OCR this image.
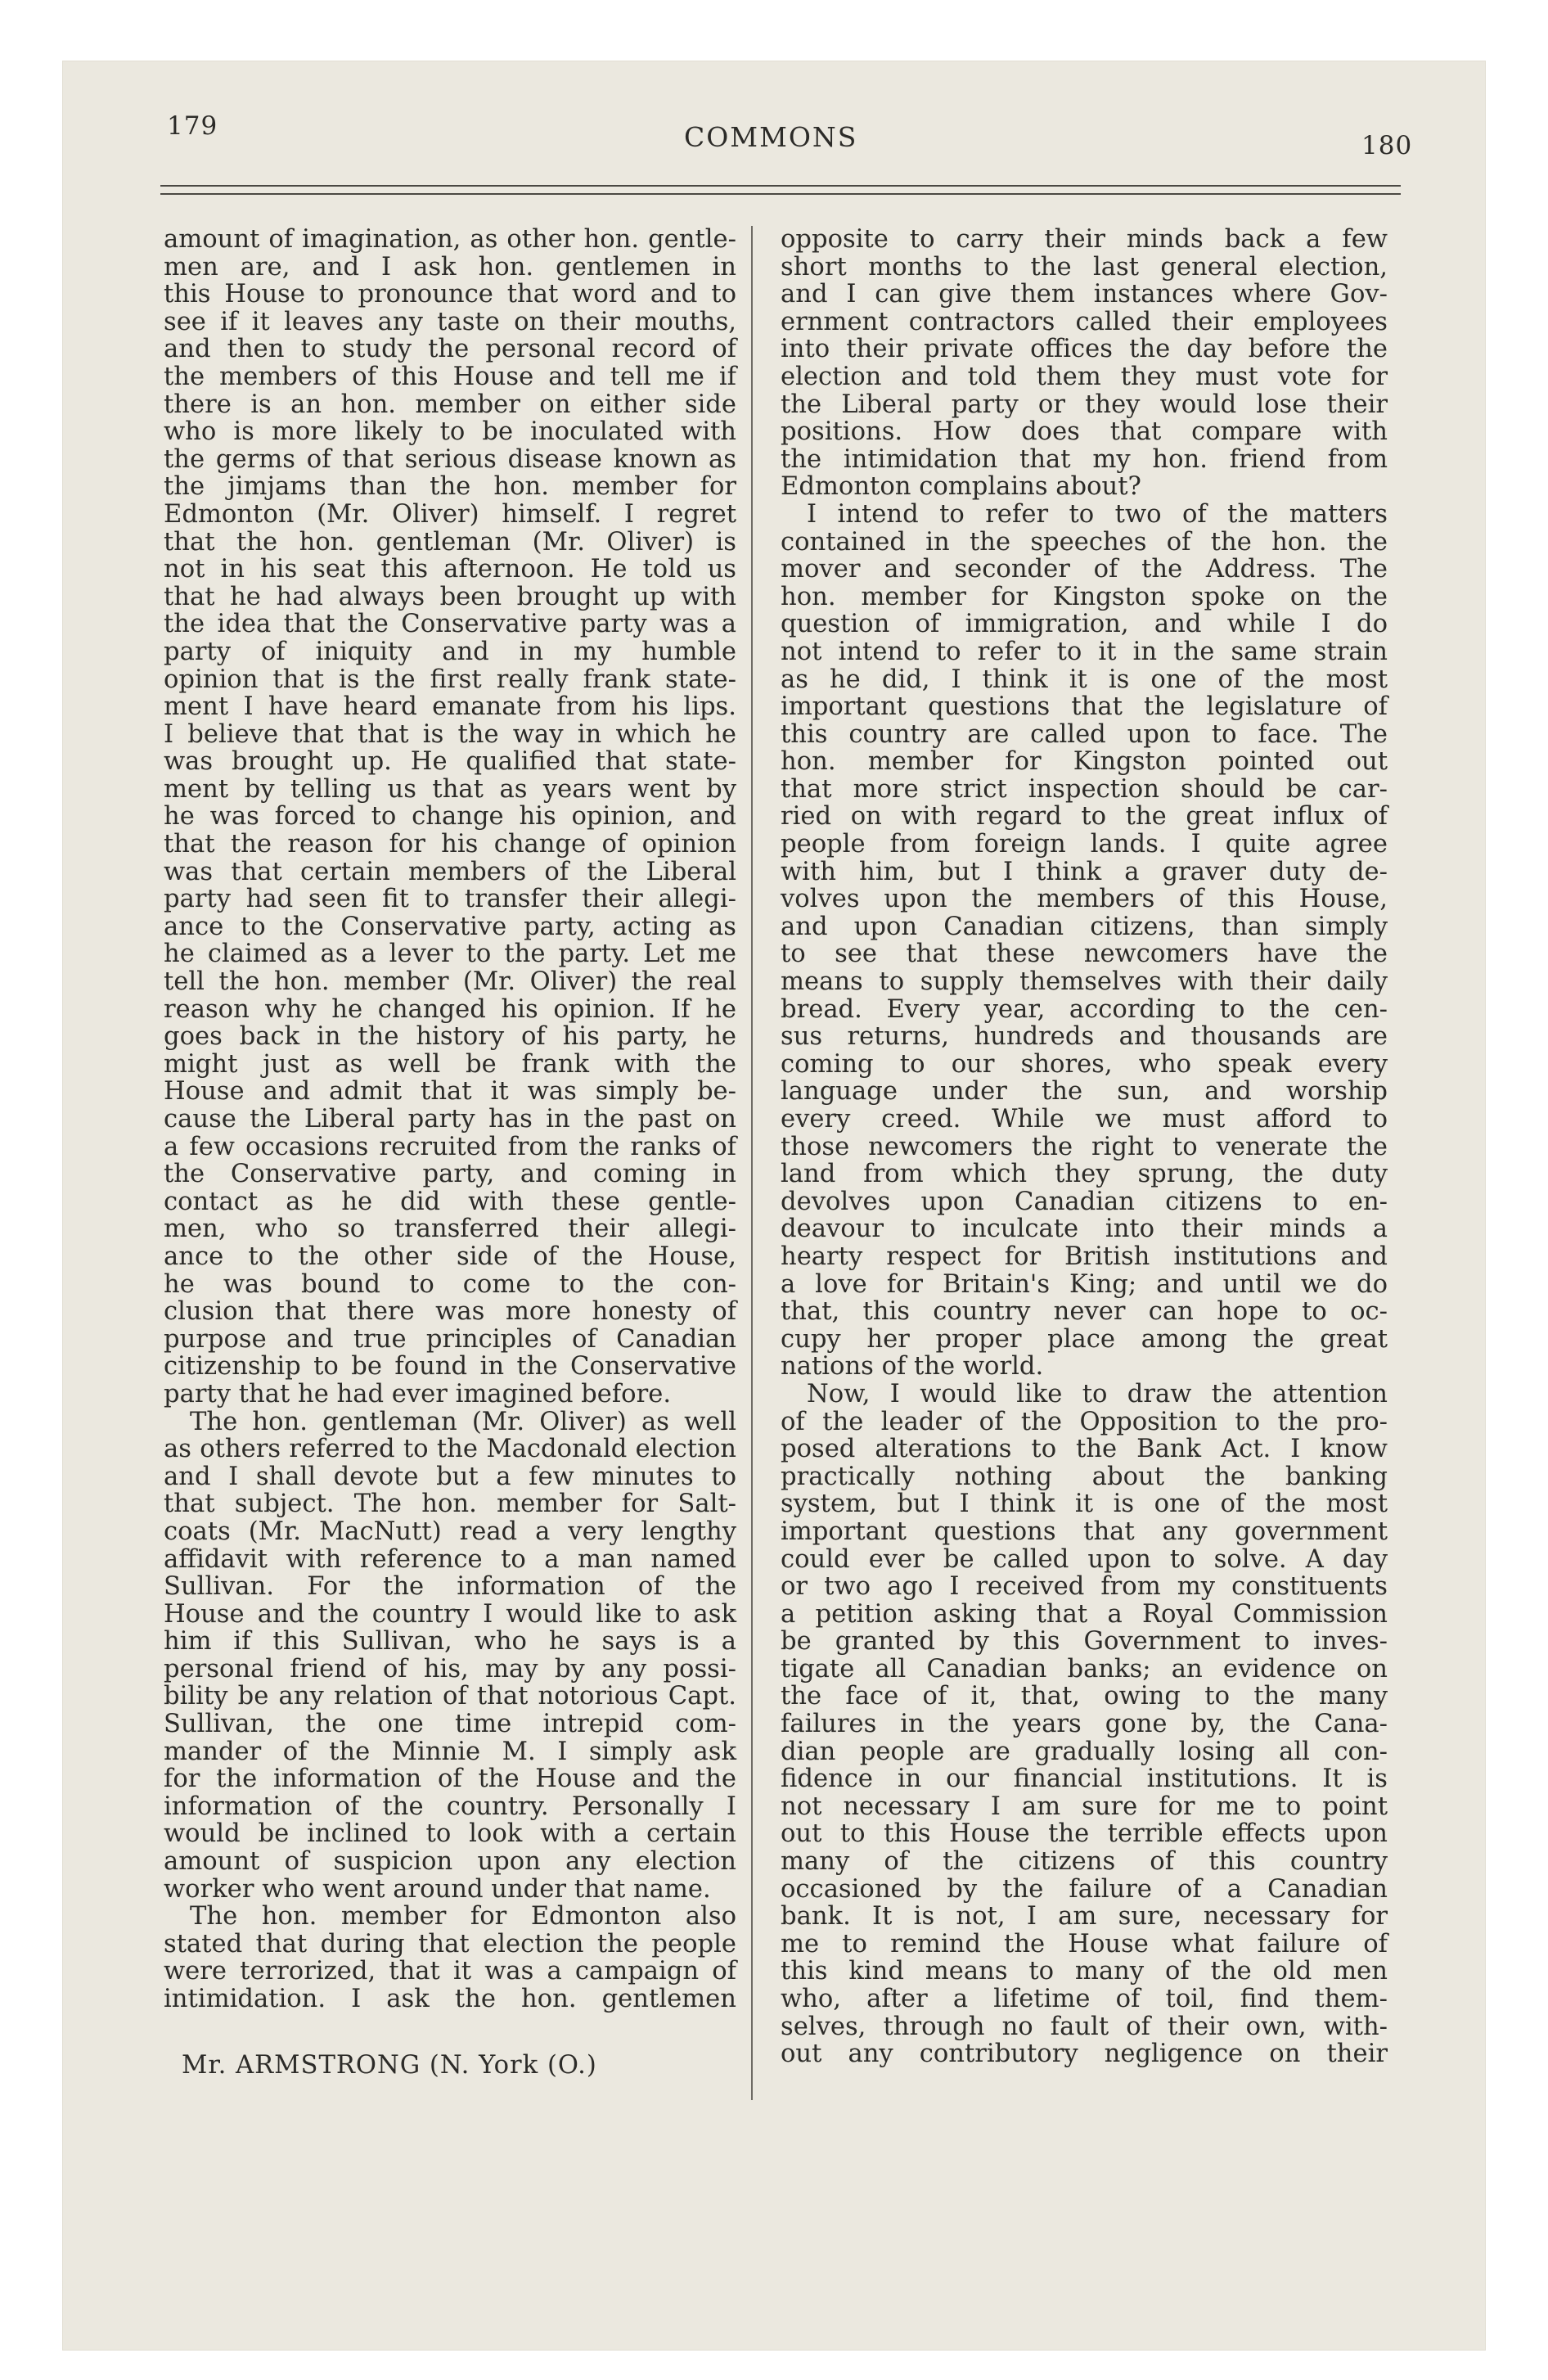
179	COMMONS	180
amount of imagination, as other hon. gentle-
men are, and I ask hon. gentlemen in
this House to pronounce that word and to
see if it leaves any taste on their mouths,
and then to study the personal record of
the members of this House and tell me if
there is an hon. member on either side
who is more likely to be inoculated with
the germs of that serious disease known as
the jimjams than the hon. member for
Edmonton (Mr. Oliver) himself. I regret
that the hon. gentleman (Mr. Oliver) is
not in his seat this afternoon. He told us
that he had always been brought up with
the idea that the Conservative party was a
party of iniquity and in my humble
opinion that is the first really frank state-
ment I have heard emanate from his lips.
I believe that that is the way in which he
was brought up. He qualified that state-
ment by telling us that as years went by
he was forced to change his opinion, and
that the reason for his change of opinion
was that certain members of the Liberal
party had seen fit to transfer their allegi-
ance to the Conservative party, acting as
he claimed as a lever to the party. Let me
tell the hon. member (Mr. Oliver) the real
reason why he changed his opinion. If he
goes back in the history of his party, he
might just as well be frank with the
House and admit that it was simply be-
cause the Liberal party has in the past on
a few occasions recruited from the ranks of
the Conservative party, and coming in
contact as he did with these gentle-
men, who so transferred their allegi-
ance to the other side of the House,
he was bound to come to the con-
clusion that there was more honesty of
purpose and true principles of Canadian
citizenship to be found in the Conservative
party that he had ever imagined before.
The hon. gentleman (Mr. Oliver) as well
as others referred to the Macdonald election
and I shall devote but a few minutes to
that subject. The hon. member for Salt-
coats (Mr. MacNutt) read a very lengthy
affidavit with reference to a man named
Sullivan. For the information of the
House and the country I would like to ask
him if this Sullivan, who he says is a
personal friend of his, may by any possi-
bility be any relation of that notorious Capt.
Sullivan, the one time intrepid com-
mander of the Minnie M. I simply ask
for the information of the House and the
information of the country. Personally I
would be inclined to look with a certain
amount of suspicion upon any election
worker who went around under that name.
The hon. member for Edmonton also
stated that during that election the people
were terrorized, that it was a campaign of
intimidation. I ask the hon. gentlemen
opposite to carry their minds back a few
short months to the last general election,
and I can give them instances where Gov-
ernment contractors called their employees
into their private offices the day before the
election and told them they must vote for
the Liberal party or they would lose their
positions. How does that compare with
the intimidation that my hon. friend from
Edmonton complains about?
I intend to refer to two of the matters
contained in the speeches of the hon. the
mover and seconder of the Address. The
hon. member for Kingston spoke on the
question of immigration, and while I do
not intend to refer to it in the same strain
as he did, I think it is one of the most
important questions that the legislature of
this country are called upon to face. The
hon. member for Kingston pointed out
that more strict inspection should be car-
ried on with regard to the great influx of
people from foreign lands. I quite agree
with him, but I think a graver duty de-
volves upon the members of this House,
and upon Canadian citizens, than simply
to see that these newcomers have the
means to supply themselves with their daily
bread. Every year, according to the cen-
sus returns, hundreds and thousands are
coming to our shores, who speak every
language under the sun, and worship
every creed. While we must afford to
those newcomers the right to venerate the
land from which they sprung, the duty
devolves upon Canadian citizens to en-
deavour to inculcate into their minds a
hearty respect for British institutions and
a love for Britain's King; and until we do
that, this country never can hope to oc-
cupy her proper place among the great
nations of the world.
Now, I would like to draw the attention
of the leader of the Opposition to the pro-
posed alterations to the Bank Act. I know
practically nothing about the banking
system, but I think it is one of the most
important questions that any government
could ever be called upon to solve. A day
or two ago I received from my constituents
a petition asking that a Royal Commission
be granted by this Government to inves-
tigate all Canadian banks; an evidence on
the face of it, that, owing to the many
failures in the years gone by, the Cana-
dian people are gradually losing all con-
fidence in our financial institutions. It is
not necessary I am sure for me to point
out to this House the terrible effects upon
many of the citizens of this country
occasioned by the failure of a Canadian
bank. It is not, I am sure, necessary for
me to remind the House what failure of
this kind means to many of the old men
who, after a lifetime of toil, find them-
selves, through no fault of their own, with-
out any contributory negligence on their
Mr. ARMSTRONG (N. York (O.)
